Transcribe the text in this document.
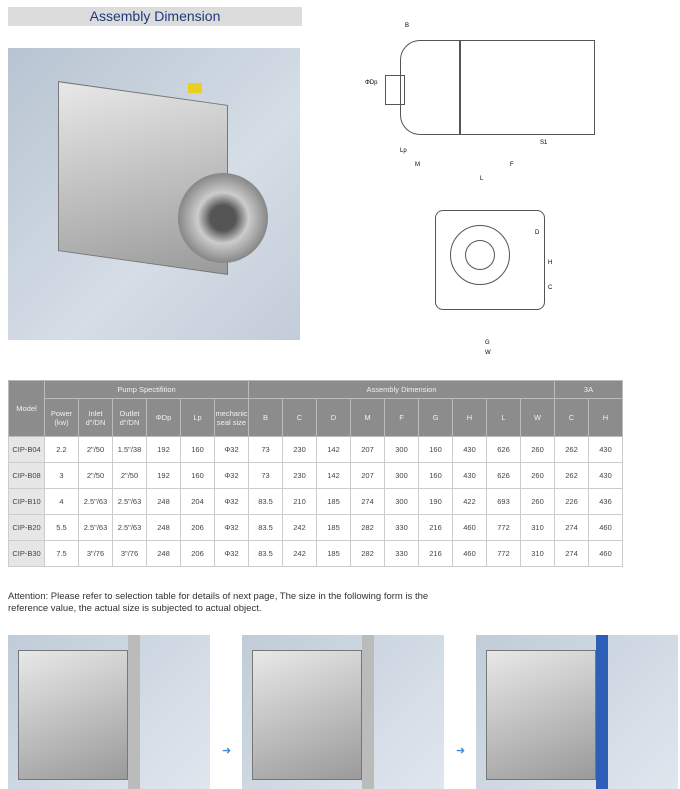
Assembly Dimension
B
ΦDp
Lp
M	F
L
S1
G
W
C
H
D
Model	Pump Spectifition						Assembly Dimension									3A	
	Power (kw)	Inlet d"/DN	Outlet d"/DN	ΦDp	Lp	mechanic seal size	B	C	D	M	F	G	H	L	W	C	H
CIP-B04	2.2	2"/50	1.5"/38	192	160	Φ32	73	230	142	207	300	160	430	626	260	262	430
CIP-B08	3	2"/50	2"/50	192	160	Φ32	73	230	142	207	300	160	430	626	260	262	430
CIP-B10	4	2.5"/63	2.5"/63	248	204	Φ32	83.5	210	185	274	300	190	422	693	260	226	436
CIP-B20	5.5	2.5"/63	2.5"/63	248	206	Φ32	83.5	242	185	282	330	216	460	772	310	274	460
CIP-B30	7.5	3"/76	3"/76	248	206	Φ32	83.5	242	185	282	330	216	460	772	310	274	460
Attention: Please refer to selection table for details of next page, The size in the following form is the reference value, the actual size is subjected to actual object.
➜	➜
